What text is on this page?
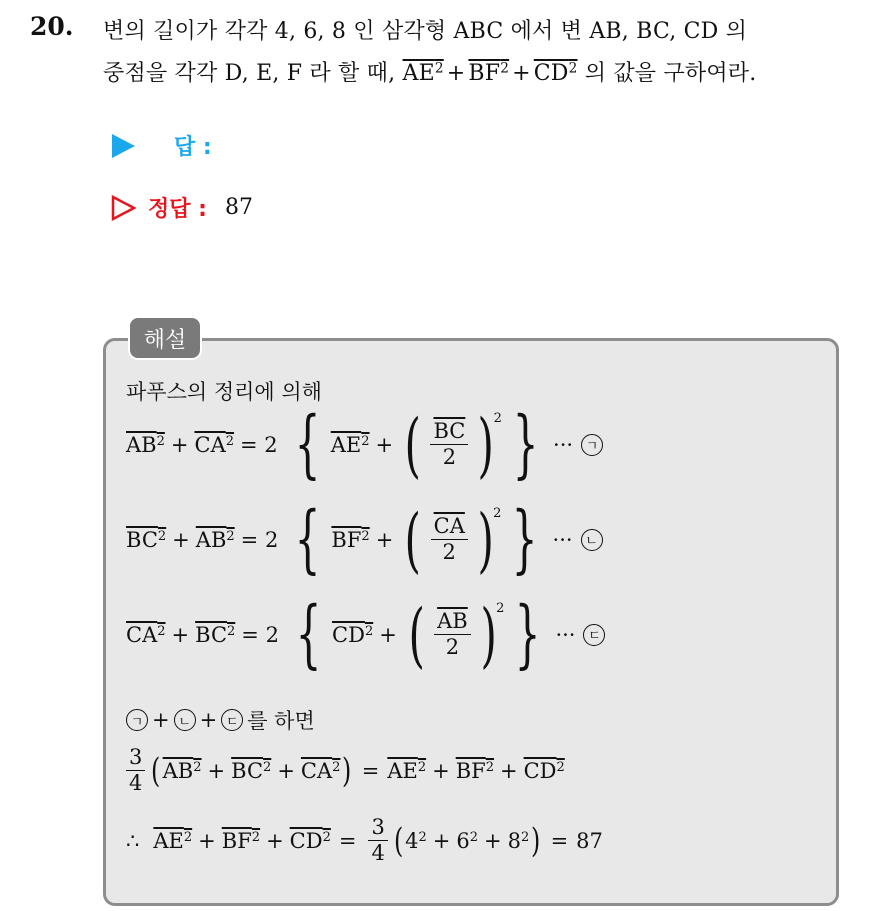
20. 변의 길이가 각각 4, 6, 8 인 삼각형 ABC 에서 변 AB, BC, CD 의
중점을 각각 D, E, F 라 할 때, $AE^2 + BF^2 + CD^2$ 의 값을 구하여라.
답 :
정답 : 87
해설
파푸스의 정리에 의해
$AB^2 + CA^2 = 2$ { $AE^2$ + ( $\frac{\overline{BC}}{2}$ ) 2 } ··· ㄱ
$BC^2 + AB^2 = 2$ { $BF^2$ + ( $\frac{\overline{CA}}{2}$ ) 2 } ··· ㄴ
$CA^2 + BC^2 = 2$ { $CD^2$ + ( $\frac{\overline{AB}}{2}$ ) 2 } ··· ㄷ
ㄱ + ㄴ + ㄷ 를 하면
$\frac{3}{4}$ ( $AB^2 + BC^2 + CA^2$ ) = $AE^2 + BF^2 + CD^2$
∴ $AE^2 + BF^2 + CD^2 = \frac{3}{4}$ ( $4^2 + 6^2 + 8^2$ ) = 87
